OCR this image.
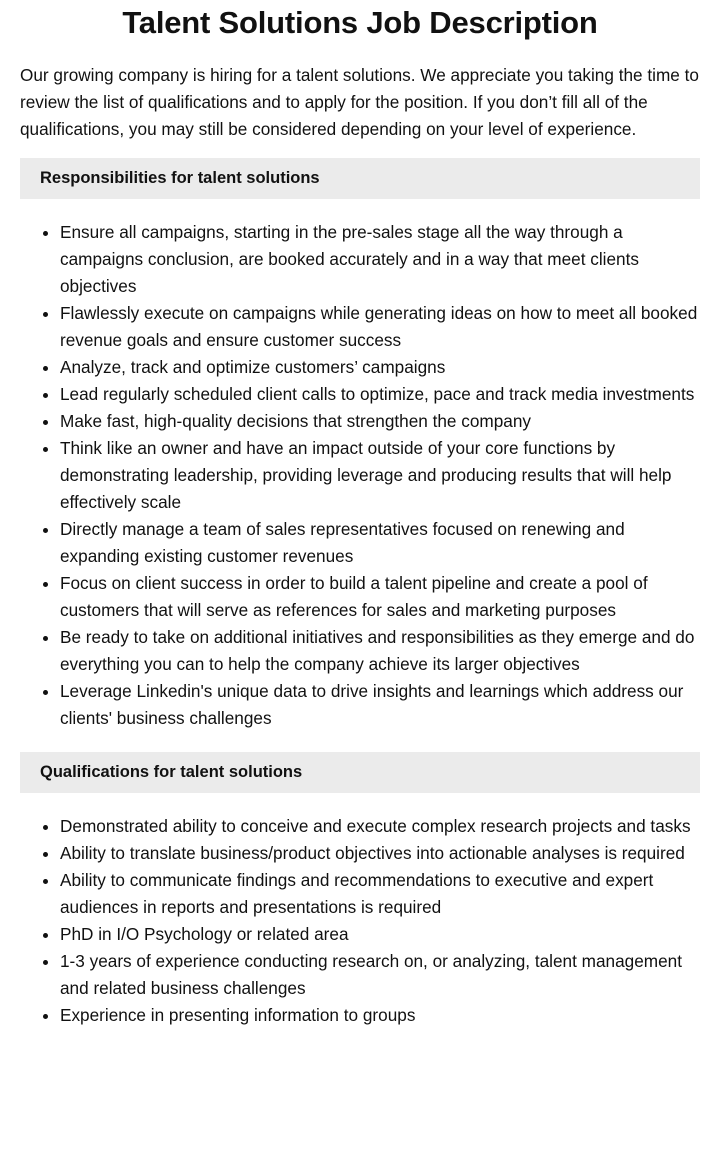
Talent Solutions Job Description

Our growing company is hiring for a talent solutions. We appreciate you taking the time to review the list of qualifications and to apply for the position. If you don’t fill all of the qualifications, you may still be considered depending on your level of experience.

Responsibilities for talent solutions
• Ensure all campaigns, starting in the pre-sales stage all the way through a campaigns conclusion, are booked accurately and in a way that meet clients objectives
• Flawlessly execute on campaigns while generating ideas on how to meet all booked revenue goals and ensure customer success
• Analyze, track and optimize customers’ campaigns
• Lead regularly scheduled client calls to optimize, pace and track media investments
• Make fast, high-quality decisions that strengthen the company
• Think like an owner and have an impact outside of your core functions by demonstrating leadership, providing leverage and producing results that will help effectively scale
• Directly manage a team of sales representatives focused on renewing and expanding existing customer revenues
• Focus on client success in order to build a talent pipeline and create a pool of customers that will serve as references for sales and marketing purposes
• Be ready to take on additional initiatives and responsibilities as they emerge and do everything you can to help the company achieve its larger objectives
• Leverage Linkedin's unique data to drive insights and learnings which address our clients' business challenges
Qualifications for talent solutions
• Demonstrated ability to conceive and execute complex research projects and tasks
• Ability to translate business/product objectives into actionable analyses is required
• Ability to communicate findings and recommendations to executive and expert audiences in reports and presentations is required
• PhD in I/O Psychology or related area
• 1-3 years of experience conducting research on, or analyzing, talent management and related business challenges
• Experience in presenting information to groups
